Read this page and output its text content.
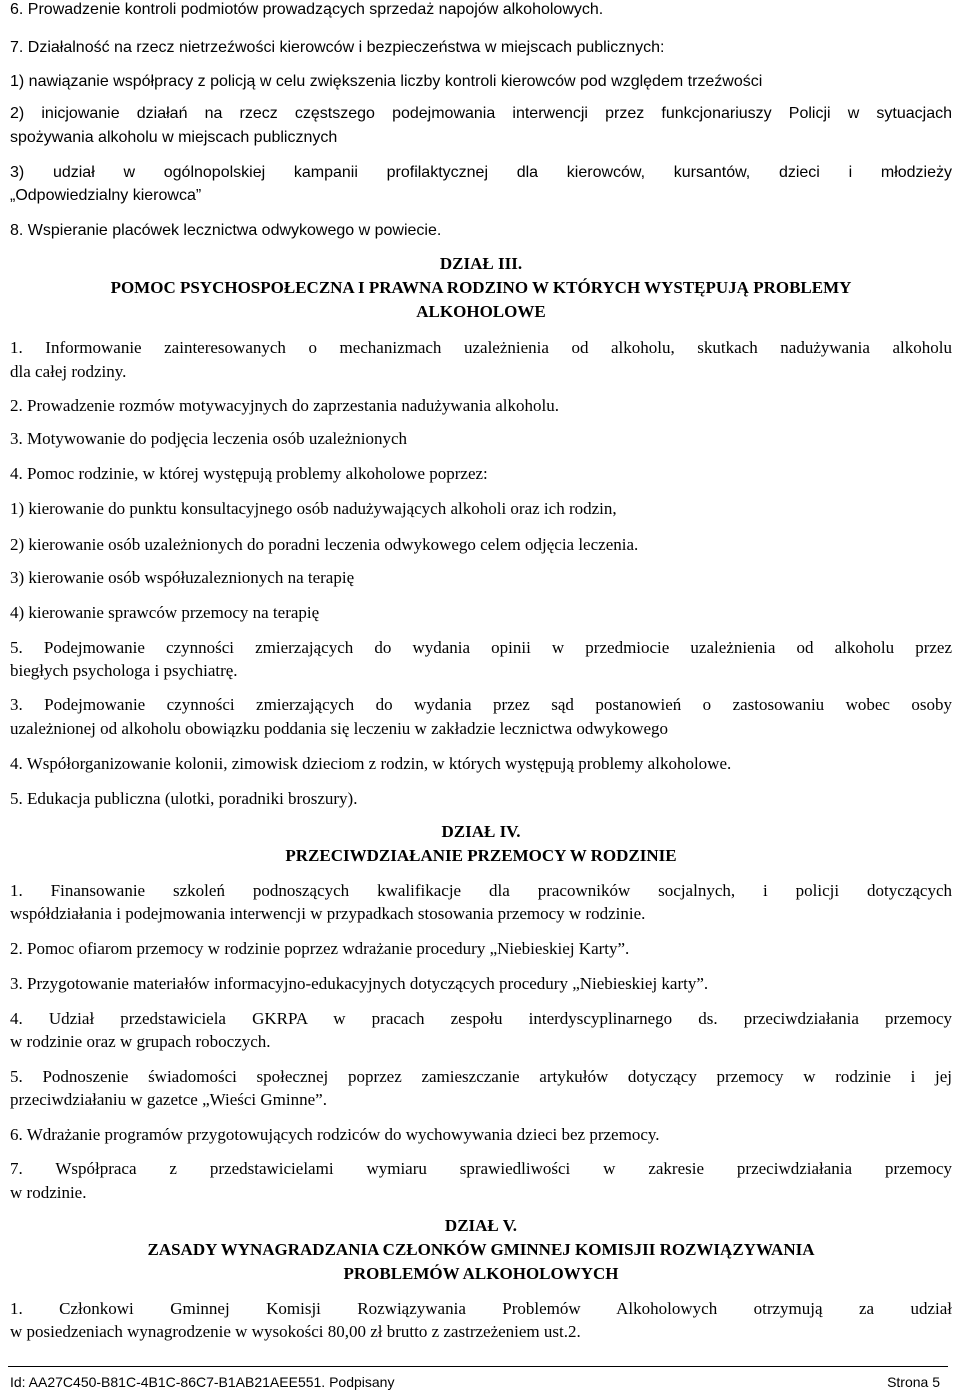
6. Prowadzenie kontroli podmiotów prowadzących sprzedaż napojów alkoholowych.
7. Działalność na rzecz nietrzeźwości kierowców i bezpieczeństwa w miejscach publicznych:
1) nawiązanie współpracy z policją w celu zwiększenia liczby kontroli kierowców pod względem trzeźwości
2) inicjowanie działań na rzecz częstszego podejmowania interwencji przez funkcjonariuszy Policji w sytuacjach
spożywania alkoholu w miejscach publicznych
3) udział w ogólnopolskiej kampanii profilaktycznej dla kierowców, kursantów, dzieci i młodzieży
„Odpowiedzialny kierowca”
8. Wspieranie placówek lecznictwa odwykowego w powiecie.
DZIAŁ III.
POMOC PSYCHOSPOŁECZNA I PRAWNA RODZINO W KTÓRYCH WYSTĘPUJĄ PROBLEMY
ALKOHOLOWE
1. Informowanie zainteresowanych o mechanizmach uzależnienia od alkoholu, skutkach nadużywania alkoholu
dla całej rodziny.
2. Prowadzenie rozmów motywacyjnych do zaprzestania nadużywania alkoholu.
3. Motywowanie do podjęcia leczenia osób uzależnionych
4. Pomoc rodzinie, w której występują problemy alkoholowe poprzez:
1) kierowanie do punktu konsultacyjnego osób nadużywających alkoholi oraz ich rodzin,
2) kierowanie osób uzależnionych do poradni leczenia odwykowego celem odjęcia leczenia.
3) kierowanie osób współuzaleznionych na terapię
4) kierowanie sprawców przemocy na terapię
5. Podejmowanie czynności zmierzających do wydania opinii w przedmiocie uzależnienia od alkoholu przez
biegłych psychologa i psychiatrę.
3. Podejmowanie czynności zmierzających do wydania przez sąd postanowień o zastosowaniu wobec osoby
uzależnionej od alkoholu obowiązku poddania się leczeniu w zakładzie lecznictwa odwykowego
4. Współorganizowanie kolonii, zimowisk dzieciom z rodzin, w których występują problemy alkoholowe.
5. Edukacja publiczna (ulotki, poradniki broszury).
DZIAŁ IV.
PRZECIWDZIAŁANIE PRZEMOCY W RODZINIE
1. Finansowanie szkoleń podnoszących kwalifikacje dla pracowników socjalnych, i policji dotyczących
współdziałania i podejmowania interwencji w przypadkach stosowania przemocy w rodzinie.
2. Pomoc ofiarom przemocy w rodzinie poprzez wdrażanie procedury „Niebieskiej Karty”.
3. Przygotowanie materiałów informacyjno-edukacyjnych dotyczących procedury „Niebieskiej karty”.
4. Udział przedstawiciela GKRPA w pracach zespołu interdyscyplinarnego ds. przeciwdziałania przemocy
w rodzinie oraz w grupach roboczych.
5. Podnoszenie świadomości społecznej poprzez zamieszczanie artykułów dotyczący przemocy w rodzinie i jej
przeciwdziałaniu w gazetce „Wieści Gminne”.
6. Wdrażanie programów przygotowujących rodziców do wychowywania dzieci bez przemocy.
7. Współpraca z przedstawicielami wymiaru sprawiedliwości w zakresie przeciwdziałania przemocy
w rodzinie.
DZIAŁ V.
ZASADY WYNAGRADZANIA CZŁONKÓW GMINNEJ KOMISJII ROZWIĄZYWANIA
PROBLEMÓW ALKOHOLOWYCH
1. Członkowi Gminnej Komisji Rozwiązywania Problemów Alkoholowych otrzymują za udział
w posiedzeniach wynagrodzenie w wysokości 80,00 zł brutto z zastrzeżeniem ust.2.
Id: AA27C450-B81C-4B1C-86C7-B1AB21AEE551. Podpisany	Strona 5
